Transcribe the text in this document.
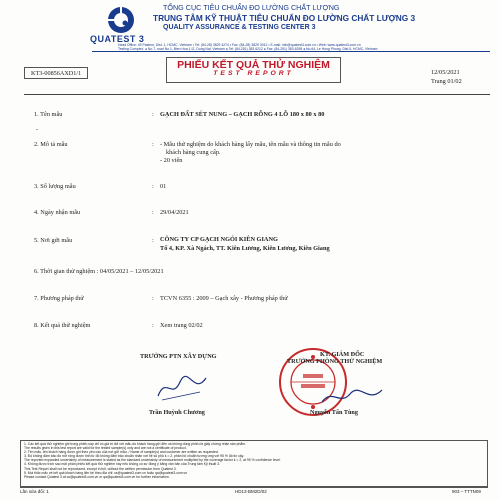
QUATEST 3
TỔNG CỤC TIÊU CHUẨN ĐO LƯỜNG CHẤT LƯỢNG
TRUNG TÂM KỸ THUẬT TIÊU CHUẨN ĐO LƯỜNG CHẤT LƯỢNG 3
QUALITY ASSURANCE & TESTING CENTER 3
Head Office: 49 Pasteur, Dist. 1, HCMC, Vietnam • Tel: (84-28) 3829 4274 • Fax: (84-28) 3829 3012 • E-mail: info@quatest3.com.vn • Web: www.quatest3.com.vn
Testing Complex: ● No.7, road No.1, Bien Hoa 1 IZ, Dong Nai, Vietnam ● Tel: (84-251) 383 6212 ● Fax: (84-251) 383 6298 ● No.64, Le Hong Phong, Dist.5, HCMC, Vietnam
KT3-00856AXD1/1
PHIẾU KẾT QUẢ THỬ NGHIỆM
TEST REPORT	12/05/2021
Trang 01/02
1. Tên mẫu	: GẠCH ĐẤT SÉT NUNG – GẠCH RỖNG 4 LỖ 180 x 80 x 80
-
2. Mô tả mẫu	: - Mẫu thử nghiệm do khách hàng lấy mẫu, tên mẫu và thông tin mẫu do
khách hàng cung cấp.
- 20 viên
3. Số lượng mẫu	: 01
4. Ngày nhận mẫu	: 29/04/2021
5. Nơi gửi mẫu	: CÔNG TY CP GẠCH NGÓI KIÊN GIANG
Tổ 4, KP. Xà Ngách, TT. Kiên Lương, Kiên Lương, Kiên Giang
6. Thời gian thử nghiệm : 04/05/2021 – 12/05/2021
7. Phương pháp thử	: TCVN 6355 : 2009 – Gạch xây - Phương pháp thử
8. Kết quả thử nghiệm	: Xem trang 02/02
TRƯỞNG PTN XÂY DỰNG	KT. GIÁM ĐỐC
TRƯỞNG PHÒNG THỬ NGHIỆM
Trần Huỳnh Chương	Nguyễn Tấn Tùng
1. Các kết quả thử nghiệm ghi trong phiếu này chỉ có giá trị đối với mẫu do khách hàng gửi đến và không dùng phiếu là giấy chứng nhận sản phẩm.
The results given in this test report are valid for the tested sample(s) only and are not a certificate of product.
2. Tên mẫu, tên khách hàng được ghi theo yêu cầu của nơi gửi mẫu. / Name of sample(s) and customer are written as requested.
3. Độ không đảm bảo đo mở rộng được tính từ độ không đảm bảo chuẩn nhân với hệ số phủ k = 2, phân bố chuẩn tương ứng với 95 % độ tin cậy.
The reported expanded uncertainty of measurement is stated as the standard uncertainty of measurement multiplied by the coverage factor k = 2, at 95 % confidence level.
4. Không được trích sao một phần phiếu kết quả thử nghiệm này nếu không có sự đồng ý bằng văn bản của Trung tâm Kỹ thuật 3.
This Test Report shall not be reproduced, except in full, without the written permission from Quatest 3.
5. Mọi thắc mắc về kết quả khách hàng liên hệ theo địa chỉ: cs@quatest3.com.vn hoặc qa@quatest3.com.vn
Please contact Quatest 3 at cs@quatest3.com.vn or qa@quatest3.com.vn for further information.
Lần sửa đổi: 1	HD13-BM2D/02	903 – TTTN09
